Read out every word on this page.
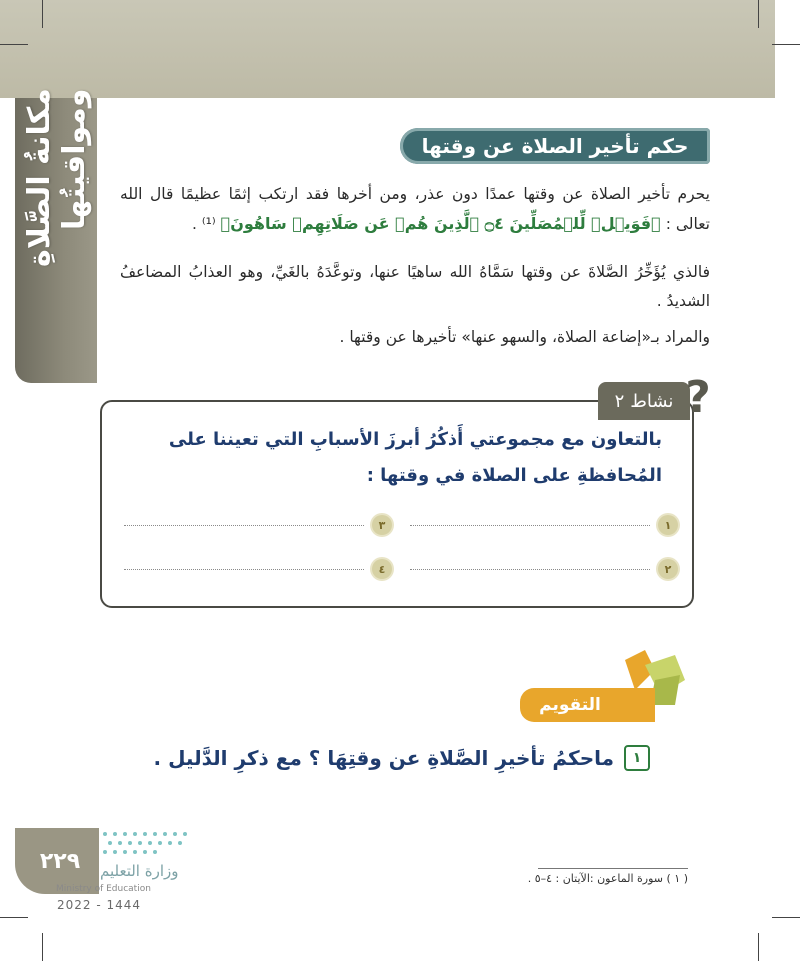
مكانةُ الصَّلاةِ ومواقيتُها	حكم تأخير الصلاة عن وقتها

يحرم تأخير الصلاة عن وقتها عمدًا دون عذر، ومن أخرها فقد ارتكب إثمًا عظيمًا قال الله تعالى : ﴿فَوَيۡلٞ لِّلۡمُصَلِّينَ ۝٤ ٱلَّذِينَ هُمۡ عَن صَلَاتِهِمۡ سَاهُونَ﴾ ⁽¹⁾ .

فالذي يُؤَخِّرُ الصَّلاةَ عن وقتها سَمَّاهُ الله ساهيًا عنها، وتوعَّدَهُ بالغَيِّ، وهو العذابُ المضاعفُ الشديدُ .

والمراد بـ«إضاعة الصلاة، والسهو عنها» تأخيرها عن وقتها .

بالتعاون مع مجموعتي أَذكُرُ أبرزَ الأسبابِ التي تعيننا على المُحافظةِ على الصلاة في وقتها :
١
٣
٢
٤
نشاط
٢ ?
التقويم
١
ماحكمُ تأخيرِ الصَّلاةِ عن وقتِهَا ؟ مع ذكرِ الدَّليل .
( ١ ) سورة الماعون :الآيتان : ٤–٥ .
٢٢٩	وزارة التعليم
Ministry of Education
2022 - 1444
